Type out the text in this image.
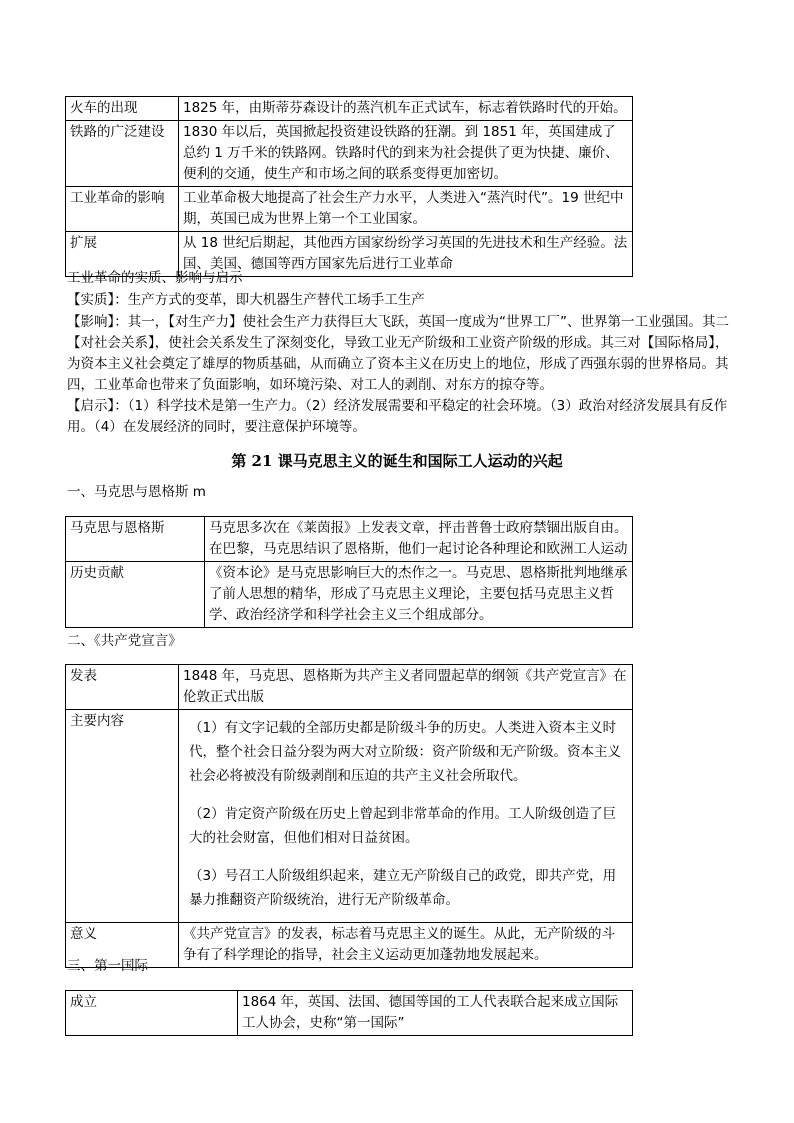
火车的出现	1825 年，由斯蒂芬森设计的蒸汽机车正式试车，标志着铁路时代的开始。
铁路的广泛建设	1830 年以后，英国掀起投资建设铁路的狂潮。到 1851 年，英国建成了总约 1 万千米的铁路网。铁路时代的到来为社会提供了更为快捷、廉价、便利的交通，使生产和市场之间的联系变得更加密切。
工业革命的影响	工业革命极大地提高了社会生产力水平，人类进入“蒸汽时代”。19 世纪中期，英国已成为世界上第一个工业国家。
扩展	从 18 世纪后期起，其他西方国家纷纷学习英国的先进技术和生产经验。法国、美国、德国等西方国家先后进行工业革命
工业革命的实质、影响与启示

【实质】：生产方式的变革，即大机器生产替代工场手工生产

【影响】：其一，【对生产力】使社会生产力获得巨大飞跃，英国一度成为“世界工厂”、世界第一工业强国。其二【对社会关系】，使社会关系发生了深刻变化，导致工业无产阶级和工业资产阶级的形成。其三对【国际格局】，为资本主义社会奠定了雄厚的物质基础，从而确立了资本主义在历史上的地位，形成了西强东弱的世界格局。其四，工业革命也带来了负面影响，如环境污染、对工人的剥削、对东方的掠夺等。

【启示】：（1）科学技术是第一生产力。（2）经济发展需要和平稳定的社会环境。（3）政治对经济发展具有反作用。（4）在发展经济的同时，要注意保护环境等。

第 21 课马克思主义的诞生和国际工人运动的兴起
一、马克思与恩格斯 m
马克思与恩格斯	马克思多次在《莱茵报》上发表文章，抨击普鲁士政府禁锢出版自由。在巴黎，马克思结识了恩格斯，他们一起讨论各种理论和欧洲工人运动
历史贡献	《资本论》是马克思影响巨大的杰作之一。马克思、恩格斯批判地继承了前人思想的精华，形成了马克思主义理论，主要包括马克思主义哲学、政治经济学和科学社会主义三个组成部分。
二、《共产党宣言》
发表	1848 年，马克思、恩格斯为共产主义者同盟起草的纲领《共产党宣言》在伦敦正式出版
主要内容	（1）有文字记载的全部历史都是阶级斗争的历史。人类进入资本主义时代，整个社会日益分裂为两大对立阶级：资产阶级和无产阶级。资本主义社会必将被没有阶级剥削和压迫的共产主义社会所取代。

（2）肯定资产阶级在历史上曾起到非常革命的作用。工人阶级创造了巨大的社会财富，但他们相对日益贫困。

（3）号召工人阶级组织起来，建立无产阶级自己的政党，即共产党，用暴力推翻资产阶级统治，进行无产阶级革命。

意义	《共产党宣言》的发表，标志着马克思主义的诞生。从此，无产阶级的斗争有了科学理论的指导，社会主义运动更加蓬勃地发展起来。
三、第一国际
成立	1864 年，英国、法国、德国等国的工人代表联合起来成立国际工人协会，史称“第一国际”
